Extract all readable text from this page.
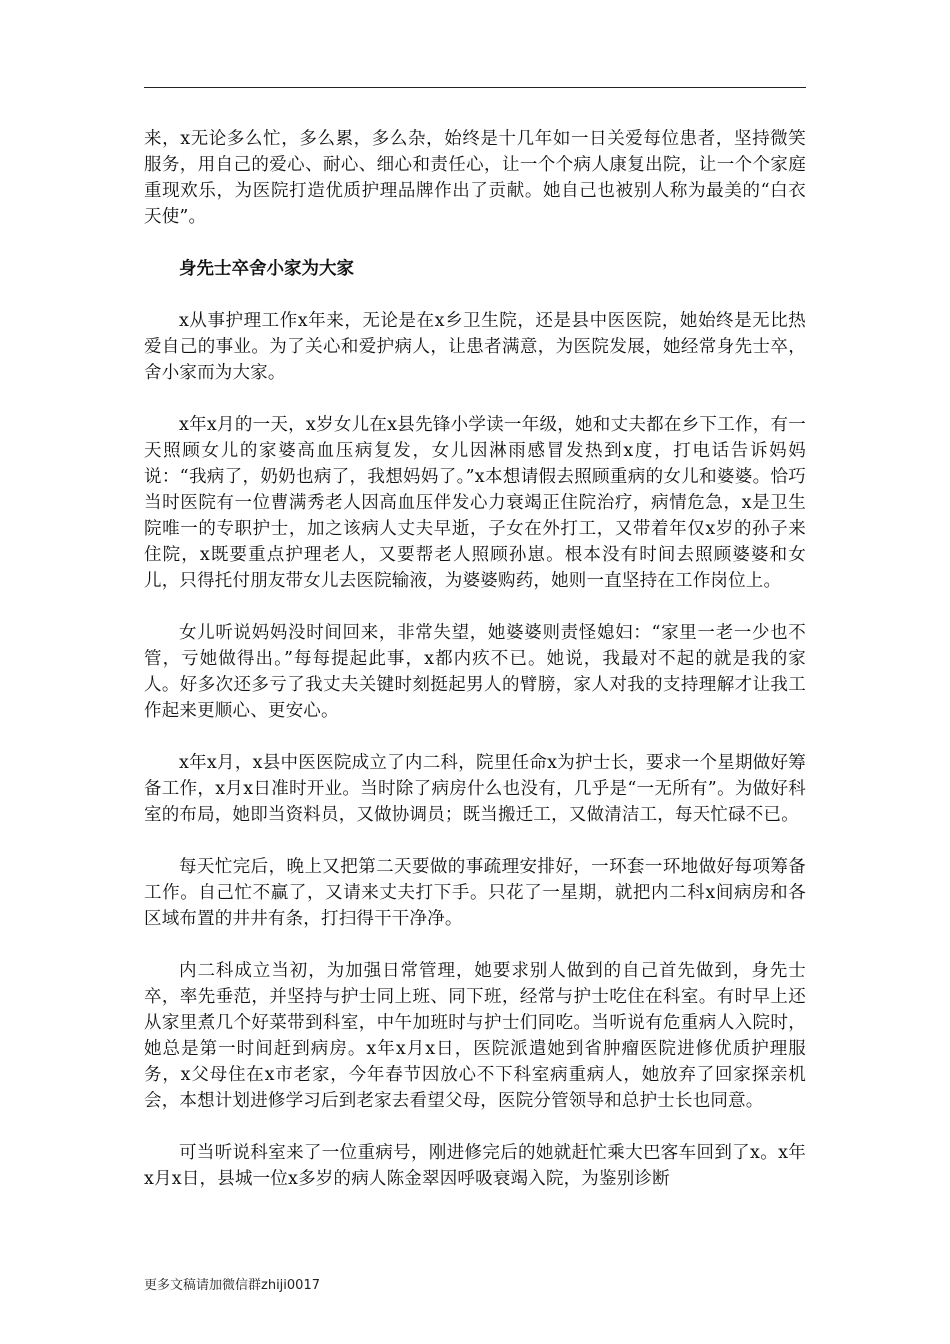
来，x无论多么忙，多么累，多么杂，始终是十几年如一日关爱每位患者，坚持微笑服务，用自己的爱心、耐心、细心和责任心，让一个个病人康复出院，让一个个家庭重现欢乐，为医院打造优质护理品牌作出了贡献。她自己也被别人称为最美的“白衣天使”。

身先士卒舍小家为大家

x从事护理工作x年来，无论是在x乡卫生院，还是县中医医院，她始终是无比热爱自己的事业。为了关心和爱护病人，让患者满意，为医院发展，她经常身先士卒，舍小家而为大家。

x年x月的一天，x岁女儿在x县先锋小学读一年级，她和丈夫都在乡下工作，有一天照顾女儿的家婆高血压病复发，女儿因淋雨感冒发热到x度，打电话告诉妈妈说：“我病了，奶奶也病了，我想妈妈了。”x本想请假去照顾重病的女儿和婆婆。恰巧当时医院有一位曹满秀老人因高血压伴发心力衰竭正住院治疗，病情危急，x是卫生院唯一的专职护士，加之该病人丈夫早逝，子女在外打工，又带着年仅x岁的孙子来住院，x既要重点护理老人，又要帮老人照顾孙崽。根本没有时间去照顾婆婆和女儿，只得托付朋友带女儿去医院输液，为婆婆购药，她则一直坚持在工作岗位上。

女儿听说妈妈没时间回来，非常失望，她婆婆则责怪媳妇：“家里一老一少也不管，亏她做得出。”每每提起此事，x都内疚不已。她说，我最对不起的就是我的家人。好多次还多亏了我丈夫关键时刻挺起男人的臂膀，家人对我的支持理解才让我工作起来更顺心、更安心。

x年x月，x县中医医院成立了内二科，院里任命x为护士长，要求一个星期做好筹备工作，x月x日准时开业。当时除了病房什么也没有，几乎是“一无所有”。为做好科室的布局，她即当资料员，又做协调员；既当搬迁工，又做清洁工，每天忙碌不已。

每天忙完后，晚上又把第二天要做的事疏理安排好，一环套一环地做好每项筹备工作。自己忙不赢了，又请来丈夫打下手。只花了一星期，就把内二科x间病房和各区域布置的井井有条，打扫得干干净净。

内二科成立当初，为加强日常管理，她要求别人做到的自己首先做到，身先士卒，率先垂范，并坚持与护士同上班、同下班，经常与护士吃住在科室。有时早上还从家里煮几个好菜带到科室，中午加班时与护士们同吃。当听说有危重病人入院时，她总是第一时间赶到病房。x年x月x日，医院派遣她到省肿瘤医院进修优质护理服务，x父母住在x市老家，今年春节因放心不下科室病重病人，她放弃了回家探亲机会，本想计划进修学习后到老家去看望父母，医院分管领导和总护士长也同意。

可当听说科室来了一位重病号，刚进修完后的她就赶忙乘大巴客车回到了x。x年x月x日，县城一位x多岁的病人陈金翠因呼吸衰竭入院，为鉴别诊断

更多文稿请加微信群zhiji0017
